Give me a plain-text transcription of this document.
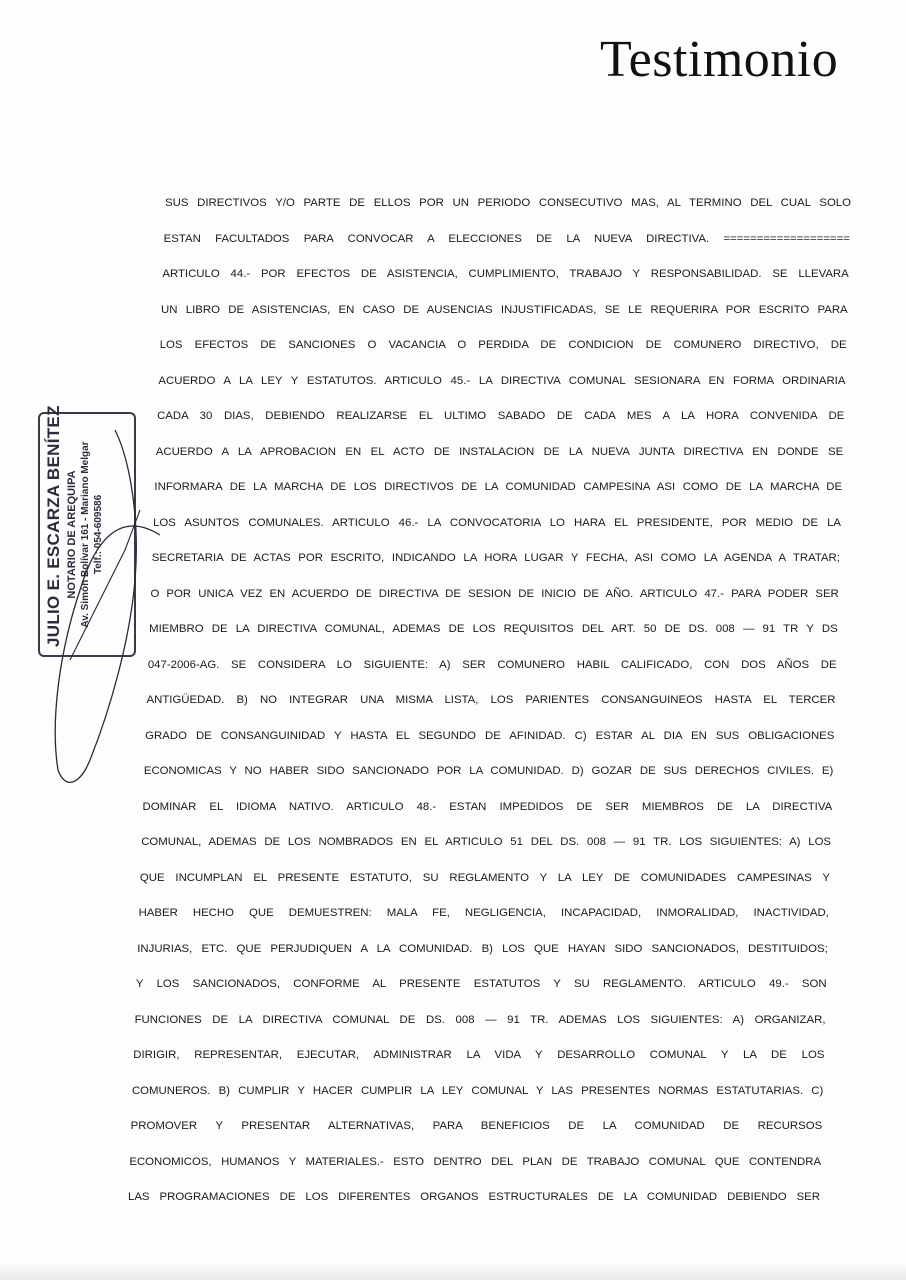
Testimonio
JULIO E. ESCARZA BENÍTEZ NOTARIO DE AREQUIPA Av. Simón Bolívar 161 - Mariano Melgar Telf.: 054-609586
SUS DIRECTIVOS Y/O PARTE DE ELLOS POR UN PERIODO CONSECUTIVO MAS, AL TERMINO DEL CUAL SOLO
ESTAN FACULTADOS PARA CONVOCAR A ELECCIONES DE LA NUEVA DIRECTIVA. ===================
ARTICULO 44.- POR EFECTOS DE ASISTENCIA, CUMPLIMIENTO, TRABAJO Y RESPONSABILIDAD. SE LLEVARA
UN LIBRO DE ASISTENCIAS, EN CASO DE AUSENCIAS INJUSTIFICADAS, SE LE REQUERIRA POR ESCRITO PARA
LOS EFECTOS DE SANCIONES O VACANCIA O PERDIDA DE CONDICION DE COMUNERO DIRECTIVO, DE
ACUERDO A LA LEY Y ESTATUTOS. ARTICULO 45.- LA DIRECTIVA COMUNAL SESIONARA EN FORMA ORDINARIA
CADA 30 DIAS, DEBIENDO REALIZARSE EL ULTIMO SABADO DE CADA MES A LA HORA CONVENIDA DE
ACUERDO A LA APROBACION EN EL ACTO DE INSTALACION DE LA NUEVA JUNTA DIRECTIVA EN DONDE SE
INFORMARA DE LA MARCHA DE LOS DIRECTIVOS DE LA COMUNIDAD CAMPESINA ASI COMO DE LA MARCHA DE
LOS ASUNTOS COMUNALES. ARTICULO 46.- LA CONVOCATORIA LO HARA EL PRESIDENTE, POR MEDIO DE LA
SECRETARIA DE ACTAS POR ESCRITO, INDICANDO LA HORA LUGAR Y FECHA, ASI COMO LA AGENDA A TRATAR;
O POR UNICA VEZ EN ACUERDO DE DIRECTIVA DE SESION DE INICIO DE AÑO. ARTICULO 47.- PARA PODER SER
MIEMBRO DE LA DIRECTIVA COMUNAL, ADEMAS DE LOS REQUISITOS DEL ART. 50 DE DS. 008 — 91 TR Y DS
047-2006-AG. SE CONSIDERA LO SIGUIENTE: A) SER COMUNERO HABIL CALIFICADO, CON DOS AÑOS DE
ANTIGÜEDAD. B) NO INTEGRAR UNA MISMA LISTA, LOS PARIENTES CONSANGUINEOS HASTA EL TERCER
GRADO DE CONSANGUINIDAD Y HASTA EL SEGUNDO DE AFINIDAD. C) ESTAR AL DIA EN SUS OBLIGACIONES
ECONOMICAS Y NO HABER SIDO SANCIONADO POR LA COMUNIDAD. D) GOZAR DE SUS DERECHOS CIVILES. E)
DOMINAR EL IDIOMA NATIVO. ARTICULO 48.- ESTAN IMPEDIDOS DE SER MIEMBROS DE LA DIRECTIVA
COMUNAL, ADEMAS DE LOS NOMBRADOS EN EL ARTICULO 51 DEL DS. 008 — 91 TR. LOS SIGUIENTES: A) LOS
QUE INCUMPLAN EL PRESENTE ESTATUTO, SU REGLAMENTO Y LA LEY DE COMUNIDADES CAMPESINAS Y
HABER HECHO QUE DEMUESTREN: MALA FE, NEGLIGENCIA, INCAPACIDAD, INMORALIDAD, INACTIVIDAD,
INJURIAS, ETC. QUE PERJUDIQUEN A LA COMUNIDAD. B) LOS QUE HAYAN SIDO SANCIONADOS, DESTITUIDOS;
Y LOS SANCIONADOS, CONFORME AL PRESENTE ESTATUTOS Y SU REGLAMENTO. ARTICULO 49.- SON
FUNCIONES DE LA DIRECTIVA COMUNAL DE DS. 008 — 91 TR. ADEMAS LOS SIGUIENTES: A) ORGANIZAR,
DIRIGIR, REPRESENTAR, EJECUTAR, ADMINISTRAR LA VIDA Y DESARROLLO COMUNAL Y LA DE LOS
COMUNEROS. B) CUMPLIR Y HACER CUMPLIR LA LEY COMUNAL Y LAS PRESENTES NORMAS ESTATUTARIAS. C)
PROMOVER Y PRESENTAR ALTERNATIVAS, PARA BENEFICIOS DE LA COMUNIDAD DE RECURSOS
ECONOMICOS, HUMANOS Y MATERIALES.- ESTO DENTRO DEL PLAN DE TRABAJO COMUNAL QUE CONTENDRA
LAS PROGRAMACIONES DE LOS DIFERENTES ORGANOS ESTRUCTURALES DE LA COMUNIDAD DEBIENDO SER
